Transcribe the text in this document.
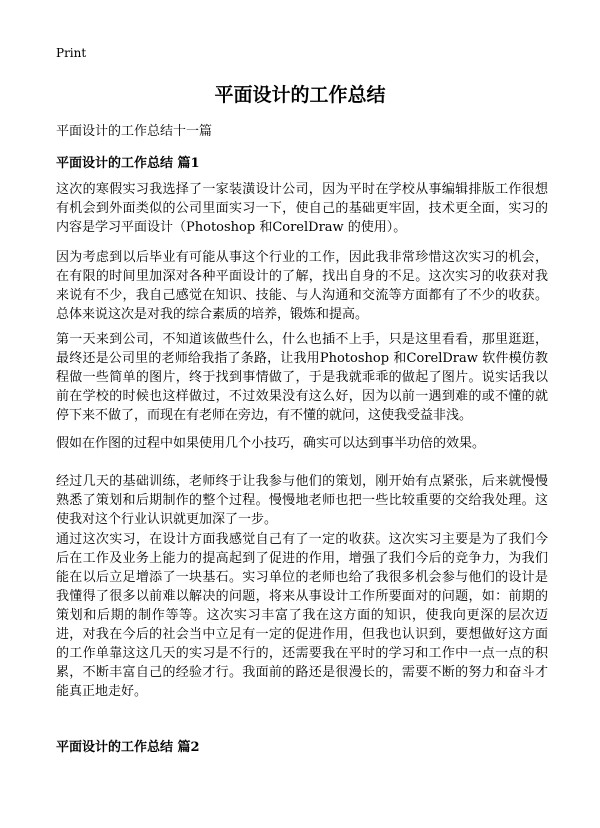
Print
平面设计的工作总结

平面设计的工作总结十一篇

平面设计的工作总结 篇1

这次的寒假实习我选择了一家装潢设计公司，因为平时在学校从事编辑排版工作很想有机会到外面类似的公司里面实习一下，使自己的基础更牢固，技术更全面，实习的内容是学习平面设计（Photoshop 和CorelDraw 的使用）。

因为考虑到以后毕业有可能从事这个行业的工作，因此我非常珍惜这次实习的机会，在有限的时间里加深对各种平面设计的了解，找出自身的不足。这次实习的收获对我来说有不少，我自己感觉在知识、技能、与人沟通和交流等方面都有了不少的收获。总体来说这次是对我的综合素质的培养，锻炼和提高。

第一天来到公司，不知道该做些什么，什么也插不上手，只是这里看看，那里逛逛，最终还是公司里的老师给我指了条路，让我用Photoshop 和CorelDraw 软件模仿教程做一些简单的图片，终于找到事情做了，于是我就乖乖的做起了图片。说实话我以前在学校的时候也这样做过，不过效果没有这么好，因为以前一遇到难的或不懂的就停下来不做了，而现在有老师在旁边，有不懂的就问，这使我受益非浅。

假如在作图的过程中如果使用几个小技巧，确实可以达到事半功倍的效果。

经过几天的基础训练，老师终于让我参与他们的策划，刚开始有点紧张，后来就慢慢熟悉了策划和后期制作的整个过程。慢慢地老师也把一些比较重要的交给我处理。这使我对这个行业认识就更加深了一步。

通过这次实习，在设计方面我感觉自己有了一定的收获。这次实习主要是为了我们今后在工作及业务上能力的提高起到了促进的作用，增强了我们今后的竞争力，为我们能在以后立足增添了一块基石。实习单位的老师也给了我很多机会参与他们的设计是我懂得了很多以前难以解决的问题，将来从事设计工作所要面对的问题，如：前期的策划和后期的制作等等。这次实习丰富了我在这方面的知识，使我向更深的层次迈进，对我在今后的社会当中立足有一定的促进作用，但我也认识到，要想做好这方面的工作单靠这这几天的实习是不行的，还需要我在平时的学习和工作中一点一点的积累，不断丰富自己的经验才行。我面前的路还是很漫长的，需要不断的努力和奋斗才能真正地走好。

平面设计的工作总结 篇2
